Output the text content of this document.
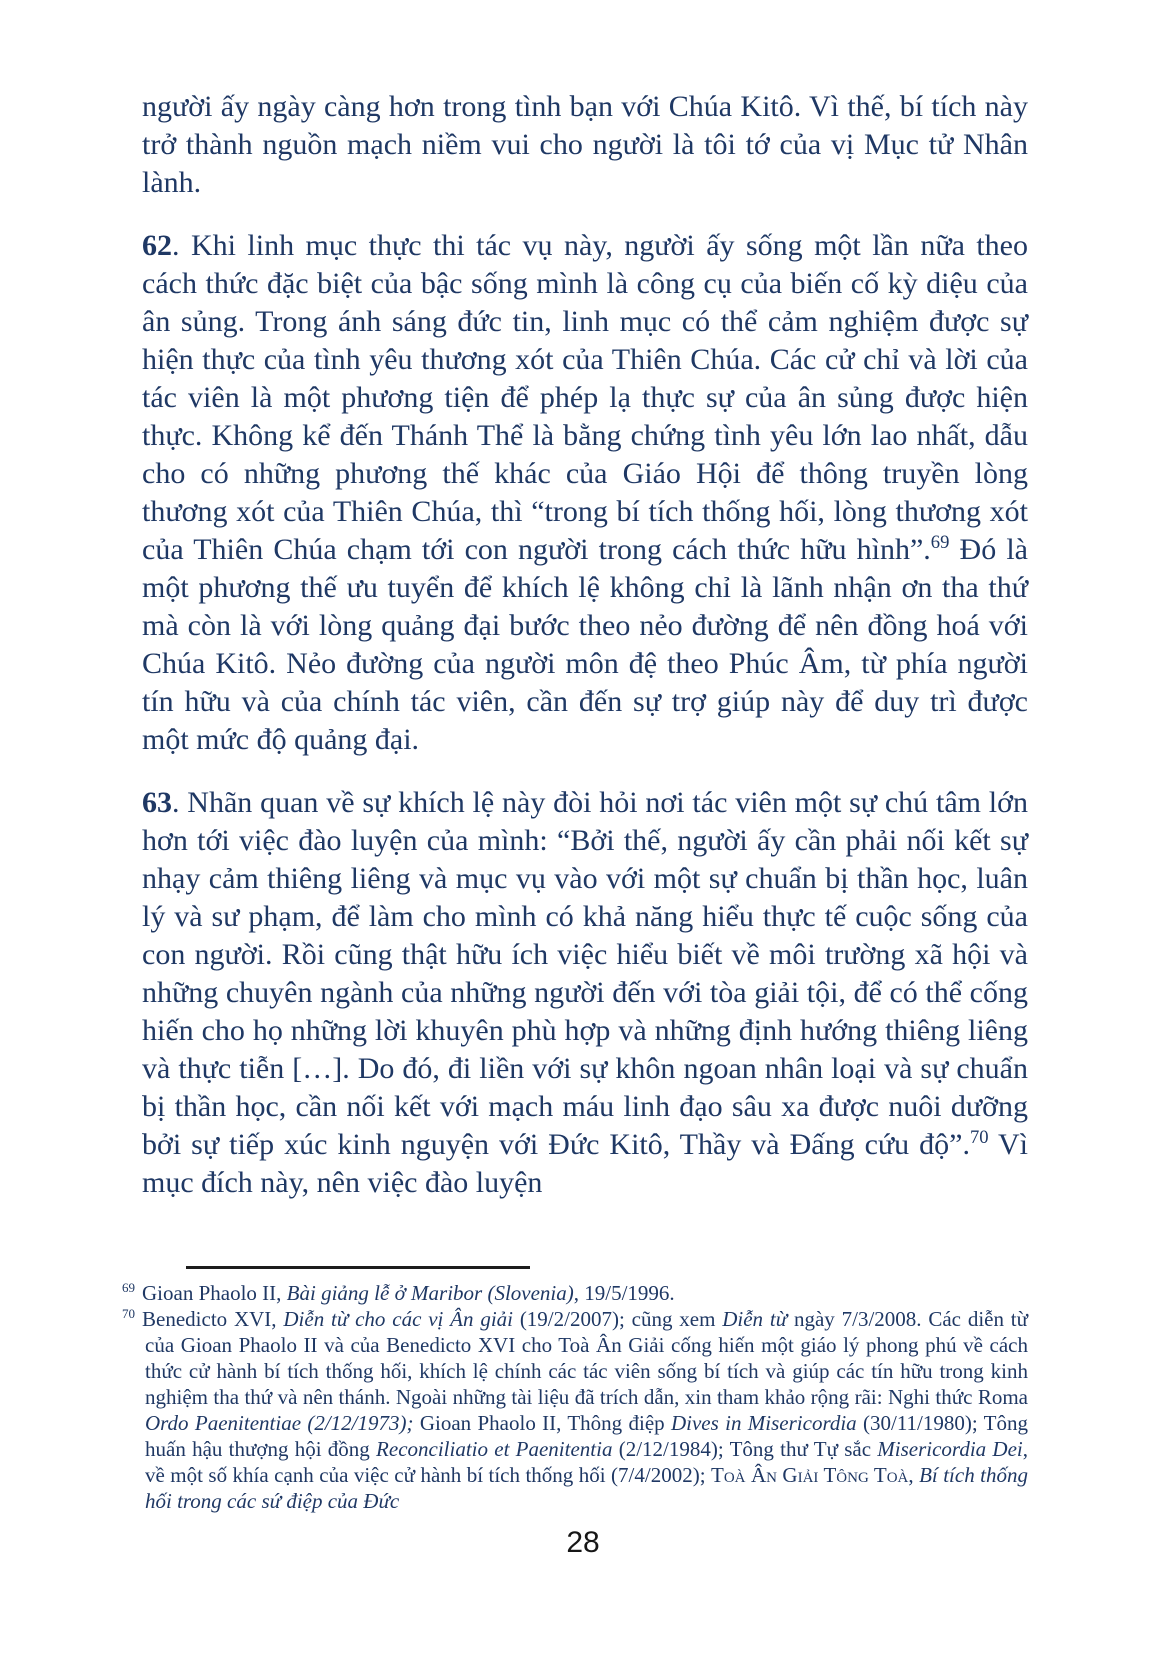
người ấy ngày càng hơn trong tình bạn với Chúa Kitô. Vì thế, bí tích này trở thành nguồn mạch niềm vui cho người là tôi tớ của vị Mục tử Nhân lành.

62. Khi linh mục thực thi tác vụ này, người ấy sống một lần nữa theo cách thức đặc biệt của bậc sống mình là công cụ của biến cố kỳ diệu của ân sủng. Trong ánh sáng đức tin, linh mục có thể cảm nghiệm được sự hiện thực của tình yêu thương xót của Thiên Chúa. Các cử chỉ và lời của tác viên là một phương tiện để phép lạ thực sự của ân sủng được hiện thực. Không kể đến Thánh Thể là bằng chứng tình yêu lớn lao nhất, dẫu cho có những phương thế khác của Giáo Hội để thông truyền lòng thương xót của Thiên Chúa, thì “trong bí tích thống hối, lòng thương xót của Thiên Chúa chạm tới con người trong cách thức hữu hình”.$^{69}$ Đó là một phương thế ưu tuyển để khích lệ không chỉ là lãnh nhận ơn tha thứ mà còn là với lòng quảng đại bước theo nẻo đường để nên đồng hoá với Chúa Kitô. Nẻo đường của người môn đệ theo Phúc Âm, từ phía người tín hữu và của chính tác viên, cần đến sự trợ giúp này để duy trì được một mức độ quảng đại.

63. Nhãn quan về sự khích lệ này đòi hỏi nơi tác viên một sự chú tâm lớn hơn tới việc đào luyện của mình: “Bởi thế, người ấy cần phải nối kết sự nhạy cảm thiêng liêng và mục vụ vào với một sự chuẩn bị thần học, luân lý và sư phạm, để làm cho mình có khả năng hiểu thực tế cuộc sống của con người. Rồi cũng thật hữu ích việc hiểu biết về môi trường xã hội và những chuyên ngành của những người đến với tòa giải tội, để có thể cống hiến cho họ những lời khuyên phù hợp và những định hướng thiêng liêng và thực tiễn […]. Do đó, đi liền với sự khôn ngoan nhân loại và sự chuẩn bị thần học, cần nối kết với mạch máu linh đạo sâu xa được nuôi dưỡng bởi sự tiếp xúc kinh nguyện với Đức Kitô, Thầy và Đấng cứu độ”.$^{70}$ Vì mục đích này, nên việc đào luyện

$^{69}$ Gioan Phaolo II, Bài giảng lễ ở Maribor (Slovenia), 19/5/1996.

$^{70}$ Benedicto XVI, Diễn từ cho các vị Ân giải (19/2/2007); cũng xem Diễn từ ngày 7/3/2008. Các diễn từ của Gioan Phaolo II và của Benedicto XVI cho Toà Ân Giải cống hiến một giáo lý phong phú về cách thức cử hành bí tích thống hối, khích lệ chính các tác viên sống bí tích và giúp các tín hữu trong kinh nghiệm tha thứ và nên thánh. Ngoài những tài liệu đã trích dẫn, xin tham khảo rộng rãi: Nghi thức Roma Ordo Paenitentiae (2/12/1973); Gioan Phaolo II, Thông điệp Dives in Misericordia (30/11/1980); Tông huấn hậu thượng hội đồng Reconciliatio et Paenitentia (2/12/1984); Tông thư Tự sắc Misericordia Dei, về một số khía cạnh của việc cử hành bí tích thống hối (7/4/2002); Toà Ân Giải Tông Toà, Bí tích thống hối trong các sứ điệp của Đức

28
